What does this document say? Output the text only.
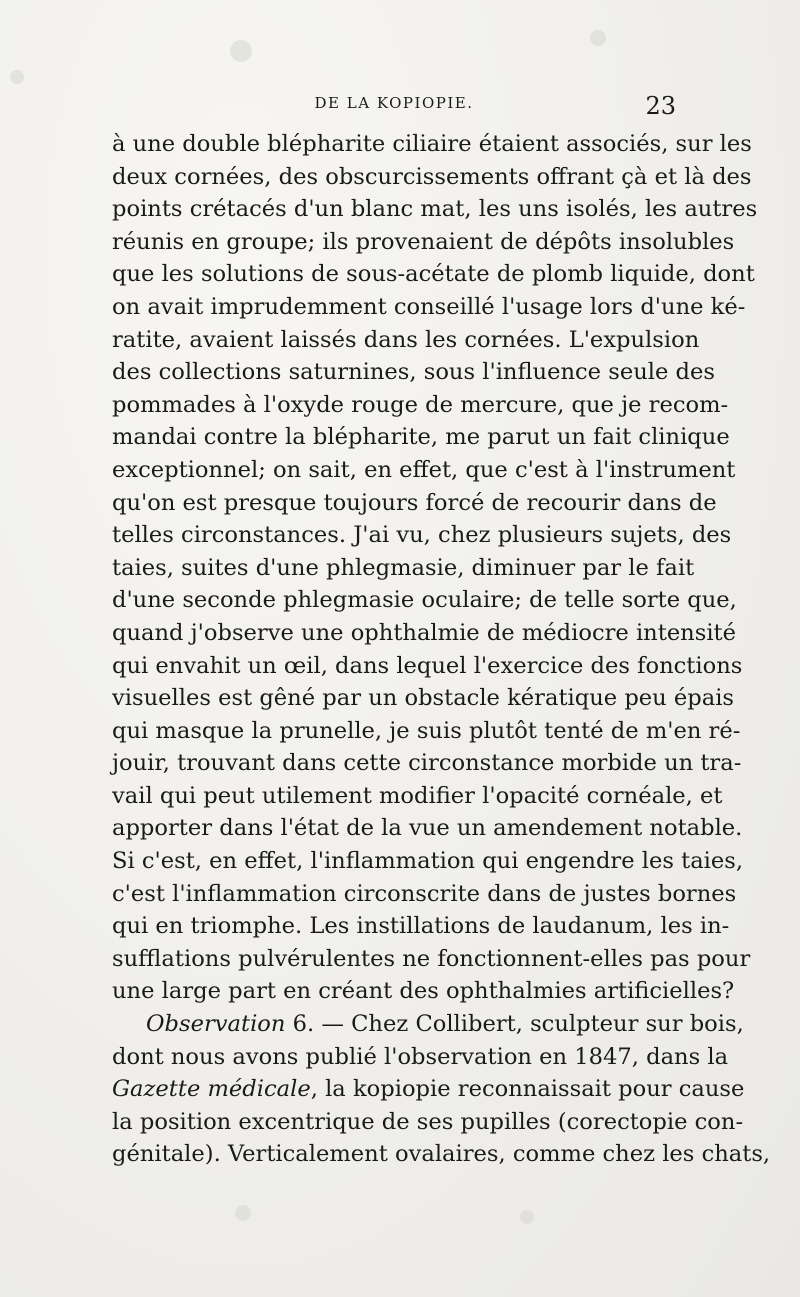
DE LA KOPIOPIE.	23
à une double blépharite ciliaire étaient associés, sur les
deux cornées, des obscurcissements offrant çà et là des
points crétacés d'un blanc mat, les uns isolés, les autres
réunis en groupe; ils provenaient de dépôts insolubles
que les solutions de sous-acétate de plomb liquide, dont
on avait imprudemment conseillé l'usage lors d'une ké-
ratite, avaient laissés dans les cornées. L'expulsion
des collections saturnines, sous l'influence seule des
pommades à l'oxyde rouge de mercure, que je recom-
mandai contre la blépharite, me parut un fait clinique
exceptionnel; on sait, en effet, que c'est à l'instrument
qu'on est presque toujours forcé de recourir dans de
telles circonstances. J'ai vu, chez plusieurs sujets, des
taies, suites d'une phlegmasie, diminuer par le fait
d'une seconde phlegmasie oculaire; de telle sorte que,
quand j'observe une ophthalmie de médiocre intensité
qui envahit un œil, dans lequel l'exercice des fonctions
visuelles est gêné par un obstacle kératique peu épais
qui masque la prunelle, je suis plutôt tenté de m'en ré-
jouir, trouvant dans cette circonstance morbide un tra-
vail qui peut utilement modifier l'opacité cornéale, et
apporter dans l'état de la vue un amendement notable.
Si c'est, en effet, l'inflammation qui engendre les taies,
c'est l'inflammation circonscrite dans de justes bornes
qui en triomphe. Les instillations de laudanum, les in-
sufflations pulvérulentes ne fonctionnent-elles pas pour
une large part en créant des ophthalmies artificielles?
Observation 6. — Chez Collibert, sculpteur sur bois,
dont nous avons publié l'observation en 1847, dans la
Gazette médicale, la kopiopie reconnaissait pour cause
la position excentrique de ses pupilles (corectopie con-
génitale). Verticalement ovalaires, comme chez les chats,
